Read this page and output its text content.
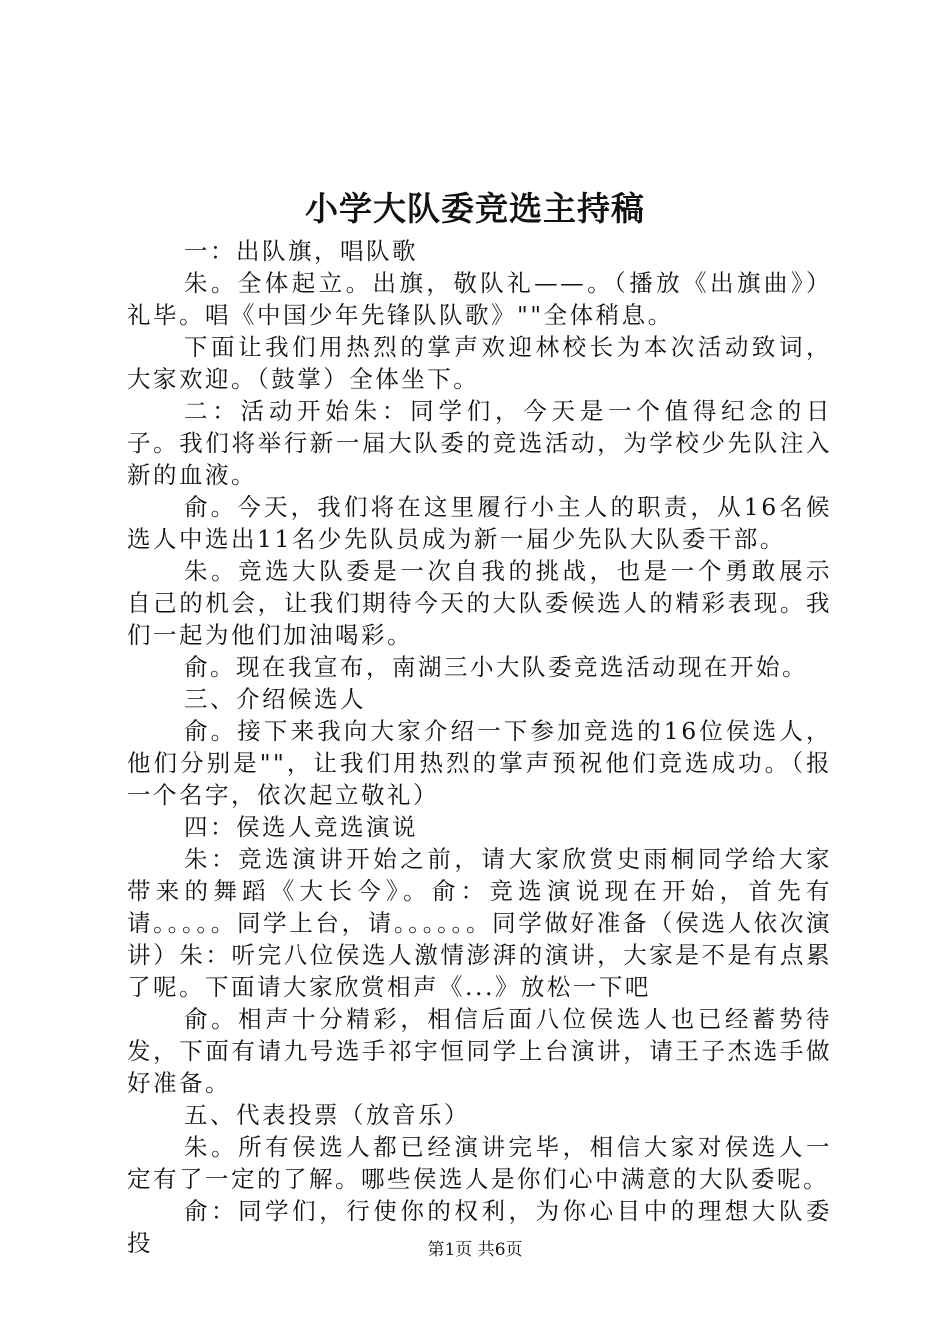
小学大队委竞选主持稿

一：出队旗，唱队歌

朱。全体起立。出旗，敬队礼——。（播放《出旗曲》）礼毕。唱《中国少年先锋队队歌》""全体稍息。

下面让我们用热烈的掌声欢迎林校长为本次活动致词，大家欢迎。（鼓掌）全体坐下。

二：活动开始朱：同学们，今天是一个值得纪念的日子。我们将举行新一届大队委的竞选活动，为学校少先队注入新的血液。

俞。今天，我们将在这里履行小主人的职责，从16名候选人中选出11名少先队员成为新一届少先队大队委干部。

朱。竞选大队委是一次自我的挑战，也是一个勇敢展示自己的机会，让我们期待今天的大队委候选人的精彩表现。我们一起为他们加油喝彩。

俞。现在我宣布，南湖三小大队委竞选活动现在开始。

三、介绍候选人

俞。接下来我向大家介绍一下参加竞选的16位侯选人，他们分别是""，让我们用热烈的掌声预祝他们竞选成功。（报一个名字，依次起立敬礼）

四：侯选人竞选演说

朱：竞选演讲开始之前，请大家欣赏史雨桐同学给大家带来的舞蹈《大长今》。俞：竞选演说现在开始，首先有请。。。。。同学上台，请。。。。。。同学做好准备（侯选人依次演讲）朱：听完八位侯选人激情澎湃的演讲，大家是不是有点累了呢。下面请大家欣赏相声《...》放松一下吧

俞。相声十分精彩，相信后面八位侯选人也已经蓄势待发，下面有请九号选手祁宇恒同学上台演讲，请王子杰选手做好准备。

五、代表投票（放音乐）

朱。所有侯选人都已经演讲完毕，相信大家对侯选人一定有了一定的了解。哪些侯选人是你们心中满意的大队委呢。

俞：同学们，行使你的权利，为你心目中的理想大队委投	第1页 共6页
